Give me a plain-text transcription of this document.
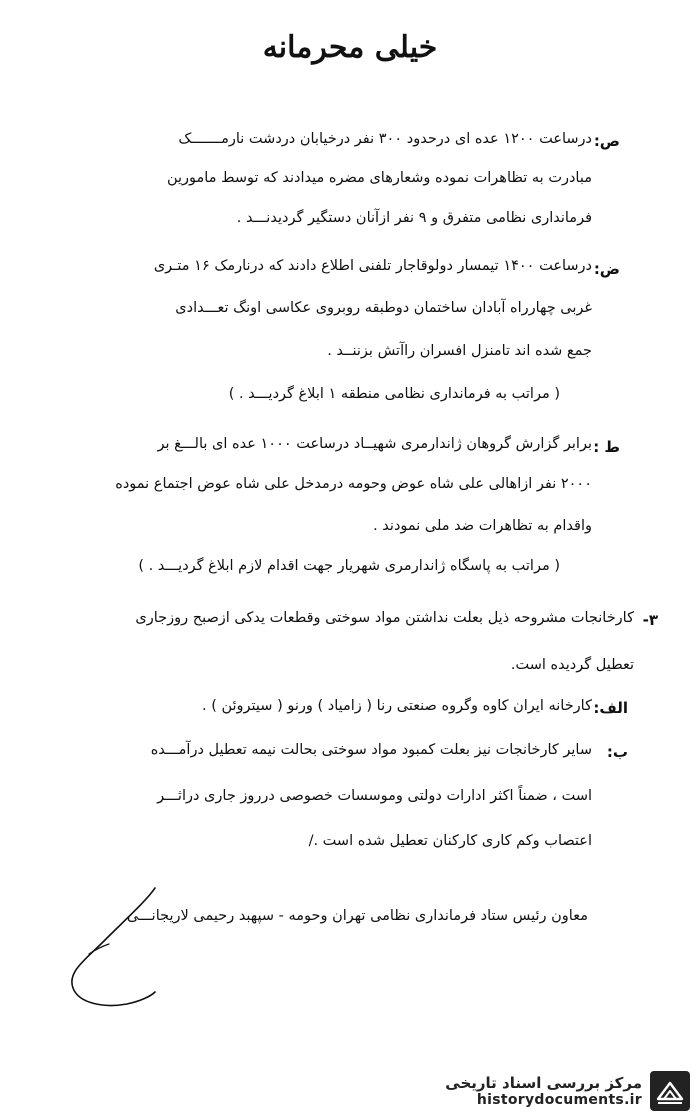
خیلی محرمانه
ص:
درساعت ۱۲۰۰ عده ای درحدود ۳۰۰ نفر درخیابان دردشت نارمـــــــک
مبادرت به تظاهرات نموده وشعارهای مضره میدادند که توسط مامورین
فرمانداری نظامی متفرق و ۹ نفر ازآنان دستگیر گردیدنـــد .
ض:
درساعت ۱۴۰۰ تیمسار دولوقاجار تلفنی اطلاع دادند که درنارمک ۱۶ متـری
غربی چهارراه آبادان ساختمان دوطبقه روبروی عکاسی اونگ تعـــدادی
جمع شده اند تامنزل افسران راآتش بزننــد .
( مراتب به فرمانداری نظامی منطقه ۱ ابلاغ گردیـــد . )
ط :
برابر گزارش گروهان ژاندارمری شهیــاد درساعت ۱۰۰۰ عده ای بالـــغ بر
۲۰۰۰ نفر ازاهالی علی شاه عوض وحومه درمدخل علی شاه عوض اجتماع نموده
واقدام به تظاهرات ضد ملی نمودند .
( مراتب به پاسگاه ژاندارمری شهریار جهت اقدام لازم ابلاغ گردیـــد . )
۳-
کارخانجات مشروحه ذیل بعلت نداشتن مواد سوختی وقطعات یدکی ازصبح روزجاری
تعطیل گردیده است.
الف:
کارخانه ایران کاوه وگروه صنعتی رنا ( زامیاد ) ورنو ( سیتروئن ) .
ب:
سایر کارخانجات نیز بعلت کمبود مواد سوختی بحالت نیمه تعطیل درآمـــده
است ، ضمناً اکثر ادارات دولتی وموسسات خصوصی درروز جاری دراثـــر
اعتصاب وکم کاری کارکنان تعطیل شده است ./
معاون رئیس ستاد فرمانداری نظامی تهران وحومه - سپهبد رحیمی لاریجانـــی
مرکز بررسی اسناد تاریخی
historydocuments.ir
